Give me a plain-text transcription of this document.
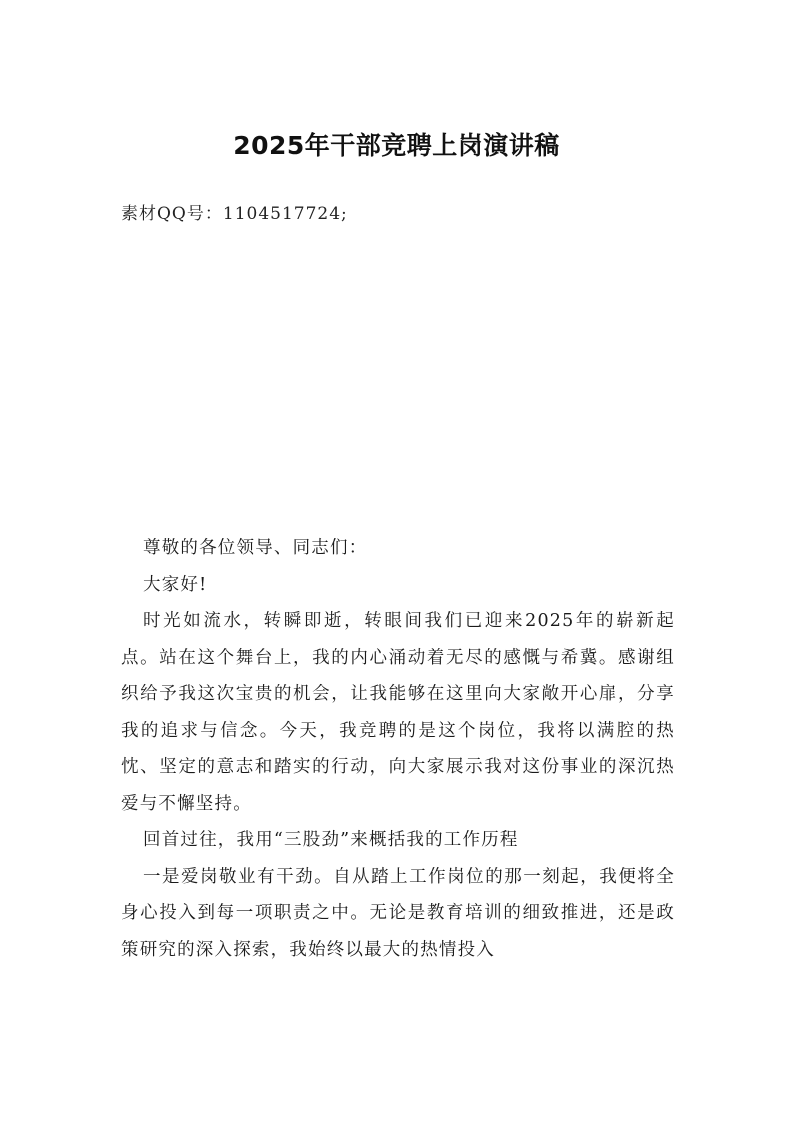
2025年干部竞聘上岗演讲稿
素材QQ号：1104517724;

尊敬的各位领导、同志们：

大家好!

时光如流水，转瞬即逝，转眼间我们已迎来2025年的崭新起点。站在这个舞台上，我的内心涌动着无尽的感慨与希冀。感谢组织给予我这次宝贵的机会，让我能够在这里向大家敞开心扉，分享我的追求与信念。今天，我竞聘的是这个岗位，我将以满腔的热忱、坚定的意志和踏实的行动，向大家展示我对这份事业的深沉热爱与不懈坚持。

回首过往，我用“三股劲”来概括我的工作历程

一是爱岗敬业有干劲。自从踏上工作岗位的那一刻起，我便将全身心投入到每一项职责之中。无论是教育培训的细致推进，还是政策研究的深入探索，我始终以最大的热情投入
